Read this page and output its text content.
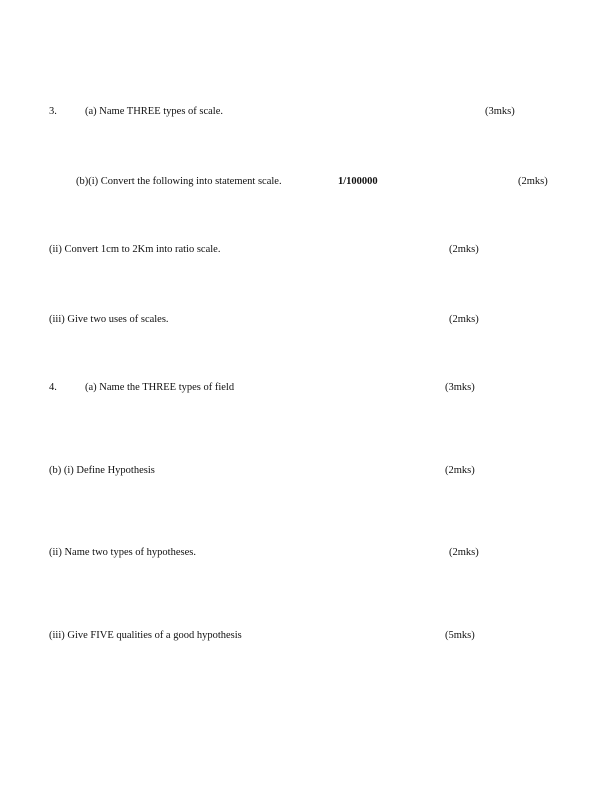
3.	(a) Name THREE types of scale.	(3mks)
(b)(i) Convert the following into statement scale.	1/100000	(2mks)
(ii) Convert 1cm to 2Km into ratio scale.	(2mks)
(iii) Give two uses of scales.	(2mks)
4.	(a) Name the THREE types of field	(3mks)
(b) (i) Define Hypothesis	(2mks)
(ii) Name two types of hypotheses.	(2mks)
(iii) Give FIVE qualities of a good hypothesis	(5mks)
